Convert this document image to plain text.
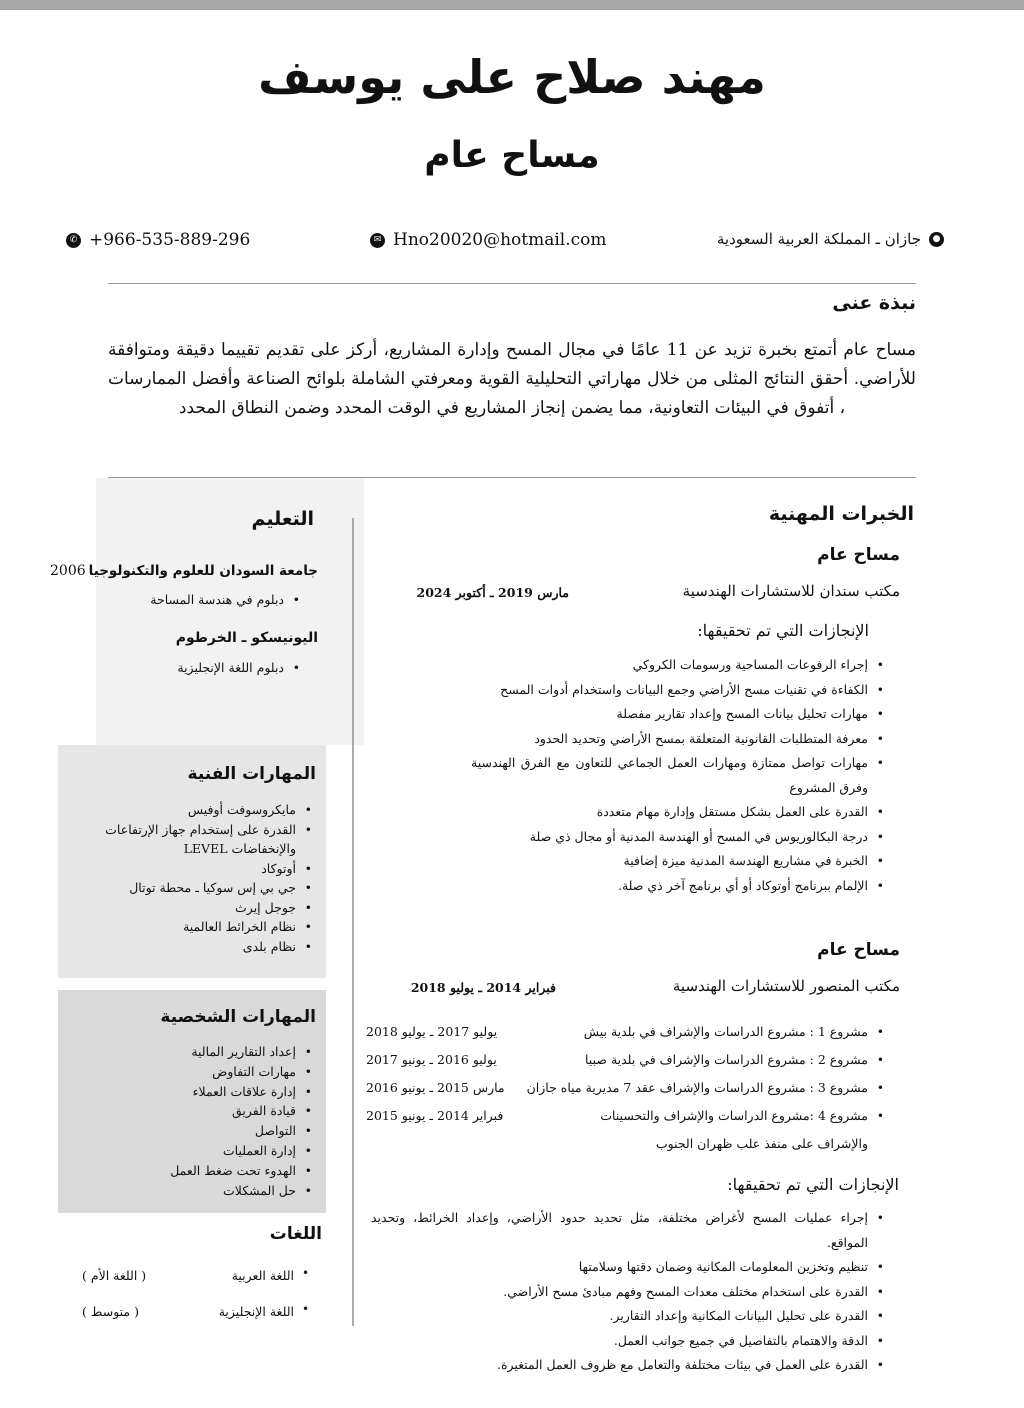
مهند صلاح على يوسف
مساح عام
✆ +966-535-889-296	✉ Hno20020@hotmail.com	●
جازان ـ المملكة العربية السعودية
نبذة عنى

مساح عام أتمتع بخبرة تزيد عن 11 عامًا في مجال المسح وإدارة المشاريع، أركز على تقديم تقييما دقيقة ومتوافقة للأراضي. أحقق النتائج المثلى من خلال مهاراتي التحليلية القوية ومعرفتي الشاملة بلوائح الصناعة وأفضل الممارسات ، أتفوق في البيئات التعاونية، مما يضمن إنجاز المشاريع في الوقت المحدد وضمن النطاق المحدد

التعليم
جامعة السودان للعلوم والتكنولوجيا
2006
• دبلوم في هندسة المساحة
اليونيسكو ـ الخرطوم
• دبلوم اللغة الإنجليزية
المهارات الفنية
• مايكروسوفت أوفيس
• القدرة على إستخدام جهاز الإرتفاعات والإنخفاضات LEVEL
• أوتوكاد
• جي بي إس سوكيا ـ محطة توتال
• جوجل إيرث
• نظام الخرائط العالمية
• نظام بلدى
المهارات الشخصية
• إعداد التقارير المالية
• مهارات التفاوض
• إدارة علاقات العملاء
• قيادة الفريق
• التواصل
• إدارة العمليات
• الهدوء تحت ضغط العمل
• حل المشكلات
اللغات
اللغة العربية
( اللغة الأم )
اللغة الإنجليزية
( متوسط )
•
•
الخبرات المهنية
مساح عام
مكتب سندان للاستشارات الهندسية
مارس 2019 ـ أكتوبر 2024
الإنجازات التي تم تحقيقها:
• إجراء الرفوعات المساحية ورسومات الكروكي
• الكفاءة في تقنيات مسح الأراضي وجمع البيانات واستخدام أدوات المسح
• مهارات تحليل بيانات المسح وإعداد تقارير مفصلة
• معرفة المتطلبات القانونية المتعلقة بمسح الأراضي وتحديد الحدود
• مهارات تواصل ممتازة ومهارات العمل الجماعي للتعاون مع الفرق الهندسية وفرق المشروع
• القدرة على العمل بشكل مستقل وإدارة مهام متعددة
• درجة البكالوريوس في المسح أو الهندسة المدنية أو مجال ذي صلة
• الخبرة في مشاريع الهندسة المدنية ميزة إضافية
• الإلمام ببرنامج أوتوكاد أو أي برنامج آخر ذي صلة.
مساح عام
مكتب المنصور للاستشارات الهندسية
فبراير 2014 ـ يوليو 2018
مشروع 1 : مشروع الدراسات والإشراف في بلدية بيش
يوليو 2017 ـ يوليو 2018
مشروع 2 : مشروع الدراسات والإشراف في بلدية صبيا
يوليو 2016 ـ يونيو 2017
مشروع 3 : مشروع الدراسات والإشراف عقد 7 مديرية مياه جازان
مارس 2015 ـ يونيو 2016
مشروع 4 :مشروع الدراسات والإشراف والتحسينات والإشراف على منفذ علب ظهران الجنوب
فبراير 2014 ـ يونيو 2015
•
•
•
•
الإنجازات التي تم تحقيقها:
• إجراء عمليات المسح لأغراض مختلفة، مثل تحديد حدود الأراضي، وإعداد الخرائط، وتحديد المواقع.
• تنظيم وتخزين المعلومات المكانية وضمان دقتها وسلامتها
• القدرة على استخدام مختلف معدات المسح وفهم مبادئ مسح الأراضي.
• القدرة على تحليل البيانات المكانية وإعداد التقارير.
• الدقة والاهتمام بالتفاصيل في جميع جوانب العمل.
• القدرة على العمل في بيئات مختلفة والتعامل مع ظروف العمل المتغيرة.
